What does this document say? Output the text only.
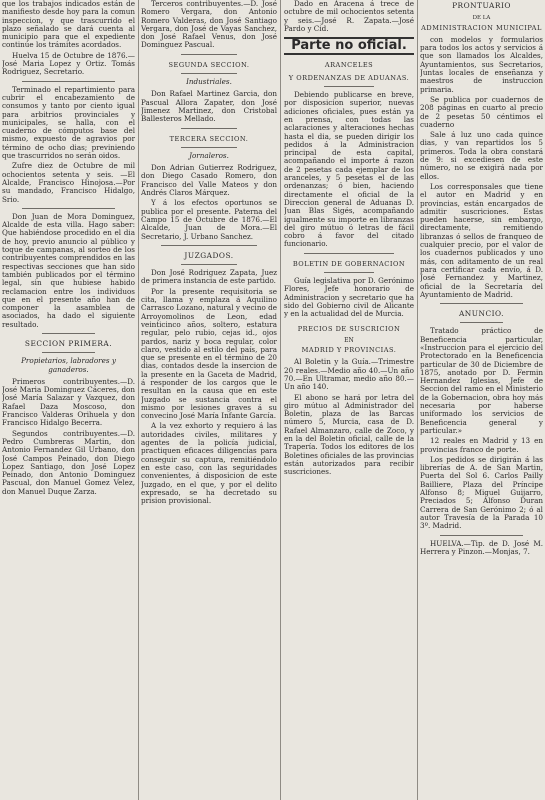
que los trabajos indicados están de manifiesto desde hoy para la comun inspeccion, y que trascurrido el plazo señalado se dará cuenta al municipio para que el expediente continúe los trámites acordados.

Huelva 15 de Octubre de 1876.—José Maria Lopez y Ortiz. Tomás Rodriguez, Secretario.

Terminado el repartimiento para cubrir el encabezamiento de consumos y tanto por ciento igual para arbitrios provinciales y municipales, se halla, con el cuaderno de cómputos base del mismo, expuesto de agravios por término de ocho dias; previniendo que trascurridos no serán oidos.

Zufre diez de Octubre de mil ochocientos setenta y seis. —El Alcalde, Francisco Hinojosa.—Por su mandado, Francisco Hidalgo, Srio.

Don Juan de Mora Dominguez, Alcalde de esta villa. Hago saber: Que habiéndose procedido en el dia de hoy, previo anuncio al público y toque de campanas, al sorteo de los contribuyentes comprendidos en las respectivas secciones que han sido también publicados por el término legal, sin que hubiese habido reclamacion entre los individuos que en el presente año han de componer la asamblea de asociados, ha dado el siguiente resultado.

SECCION PRIMERA.
Propietarios, labradores y ganaderos.

Primeros contribuyentes.—D. José Maria Dominguez Cáceres, don José María Salazar y Vazquez, don Rafael Daza Moscoso, don Francisco Valderas Orihuela y don Francisco Hidalgo Becerra.

Segundos contribuyentes.—D. Pedro Cumbreras Martin, don Antonio Fernandez Gil Urbano, don José Campos Peinado, don Diego Lopez Santiago, don José Lopez Peinado, don Antonio Dominguez Pascual, don Manuel Gomez Velez, don Manuel Duque Zarza.

Terceros contribuyentes.—D. José Romero Vergara, don Antonio Romero Valderas, don José Santiago Vergara, don José de Vayas Sanchez, don José Rafael Venus, don José Dominguez Pascual.

SEGUNDA SECCION.
Industriales.

Don Rafael Martinez Garcia, don Pascual Allora Zapater, don José Jimenez Martinez, don Cristobal Ballesteros Mellado.

TERCERA SECCION.
Jornaleros.

Don Adrian Gutierrez Rodriguez, don Diego Casado Romero, don Francisco del Valle Mateos y don Andrés Claros Márquez.

Y á los efectos oportunos se publica por el presente. Paterna del Campo 15 de Octubre de 1876.—El Alcalde, Juan de Mora.—El Secretario, J. Urbano Sanchez.

JUZGADOS.

Don José Rodriguez Zapata, Juez de primera instancia de este partido.

Por la presente requisitoria se cita, llama y emplaza á Aquilino Carrasco Lozano, natural y vecino de Arroyomolinos de Leon, edad veinticinco años, soltero, estatura regular, pelo rubio, cejas id., ojos pardos, nariz y boca regular, color claro, vestido al estilo del país, para que se presente en el término de 20 dias, contados desde la insercion de la presente en la Gaceta de Madrid, á responder de los cargos que le resultan en la causa que en este Juzgado se sustancia contra el mismo por lesiones graves á su convecino José María Infante García.

A la vez exhorto y requiero á las autoridades civiles, militares y agentes de la policía judicial, practiquen eficaces diligencias para conseguir su captura, remitiéndolo en este caso, con las seguridades convenientes, á disposicion de este Juzgado, en el que, y por el delito expresado, se ha decretado su prision provisional.

Dado en Aracena á trece de octubre de mil ochocientos setenta y seis.—José R. Zapata.—José Pardo y Cid.

Parte no oficial.
ARANCELES
Y ORDENANZAS DE ADUANAS.

Debiendo publicarse en breve, por disposicion superior, nuevas adiciones oficiales, pues están ya en prensa, con todas las aclaraciones y alteraciones hechas hasta el dia, se pueden dirigir los pedidos á la Administracion principal de esta capital, acompañando el importe á razon de 2 pesetas cada ejemplar de los aranceles, y 5 pesetas el de las ordenanzas; ó bien, haciendo directamente el oficial de la Direccion general de Aduanas D. Juan Blas Sigés, acompañando igualmente su importe en libranzas del giro mútuo ó letras de fácil cobro á favor del citado funcionario.

BOLETIN DE GOBERNACION

Guía legislativa por D. Gerónimo Flores, Jefe honorario de Administracion y secretario que ha sido del Gobierno civil de Alicante y en la actualidad del de Murcia.

PRECIOS DE SUSCRICION
EN
MADRID Y PROVINCIAS.

Al Boletin y la Guía.—Trimestre 20 reales.—Medio año 40.—Un año 70.—En Ultramar, medio año 80.—Un año 140.

El abono se hará por letra del giro mútuo al Administrador del Boletin, plaza de las Barcas número 5, Murcia, casa de D. Rafael Almanzaro, calle de Zoco, y en la del Boletin oficial, calle de la Trapería. Todos los editores de los Boletines oficiales de las provincias están autorizados para recibir suscriciones.

PRONTUARIO
DE LA
ADMINISTRACION MUNICIPAL

con modelos y formularios para todos los actos y servicios á que son llamados los Alcaldes, Ayuntamientos, sus Secretarios, Juntas locales de enseñanza y maestros de instruccion primaria.

Se publica por cuadernos de 208 páginas en cuarto al precio de 2 pesetas 50 céntimos el cuaderno

Sale á luz uno cada quince dias, y van repartidos los 5 primeros. Toda la obra constará de 9: si excediesen de este número, no se exigirá nada por ellos.

Los corresponsales que tiene el autor en Madrid y en provincias, están encargados de admitir suscriciones. Estas pueden hacerse, sin embargo, directamente, remitiendo libranzas ó sellos de franqueo de cualquier precio, por el valor de los cuadernos publicados y uno más, con aditamento de un real para certificar cada envío, á D. José Fernandez y Martinez, oficial de la Secretaría del Ayuntamiento de Madrid.

ANUNCIO.

Tratado práctico de Beneficencia particular, «Instruccion para el ejercicio del Protectorado en la Beneficencia particular de 30 de Diciembre de 1875, anotado por D. Fermin Hernandez Iglesias, Jefe de Seccion del ramo en el Ministerio de la Gobernacion, obra hoy más necesaria por haberse uniformado los servicios de Beneficencia general y particular.»

12 reales en Madrid y 13 en provincias franco de porte.

Los pedidos se dirigirán á las librerías de A. de San Martin, Puerta del Sol 6. Carlos Pailly Bailliere, Plaza del Príncipe Alfonso 8; Miguel Guijarro, Preciados 5; Alfonso Duran Carrera de San Gerónimo 2; ó al autor Travesía de la Parada 10 3º. Madrid.

HUELVA.—Tip. de D. José M. Herrera y Pinzon.—Monjas, 7.
